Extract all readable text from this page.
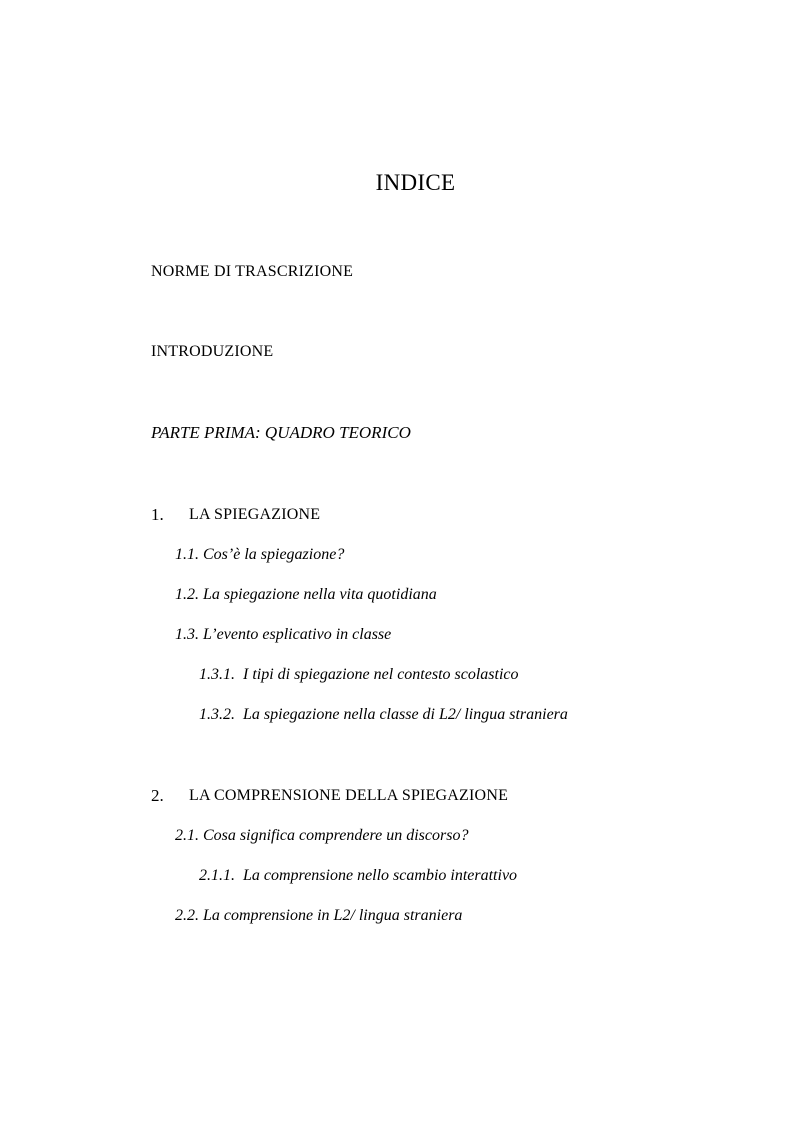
INDICE
NORME DI TRASCRIZIONE
INTRODUZIONE
PARTE PRIMA: QUADRO TEORICO
1. LA SPIEGAZIONE
1.1. Cos’è la spiegazione?
1.2. La spiegazione nella vita quotidiana
1.3. L’evento esplicativo in classe
1.3.1. I tipi di spiegazione nel contesto scolastico
1.3.2. La spiegazione nella classe di L2/ lingua straniera
2. LA COMPRENSIONE DELLA SPIEGAZIONE
2.1. Cosa significa comprendere un discorso?
2.1.1. La comprensione nello scambio interattivo
2.2. La comprensione in L2/ lingua straniera
